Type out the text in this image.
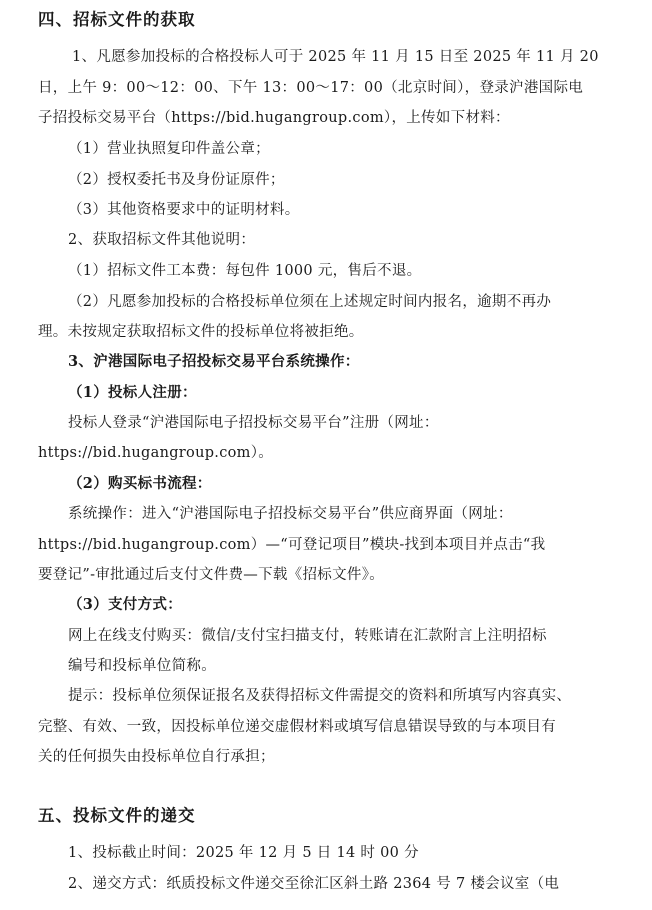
四、招标文件的获取
1、凡愿参加投标的合格投标人可于 2025 年 11 月 15 日至 2025 年 11 月 20
日，上午 9：00～12：00、下午 13：00～17：00（北京时间），登录沪港国际电
子招投标交易平台（https://bid.hugangroup.com），上传如下材料：
（1）营业执照复印件盖公章；
（2）授权委托书及身份证原件；
（3）其他资格要求中的证明材料。
2、获取招标文件其他说明：
（1）招标文件工本费：每包件 1000 元，售后不退。
（2）凡愿参加投标的合格投标单位须在上述规定时间内报名，逾期不再办
理。未按规定获取招标文件的投标单位将被拒绝。
3、沪港国际电子招投标交易平台系统操作：
（1）投标人注册：
投标人登录“沪港国际电子招投标交易平台”注册（网址：
https://bid.hugangroup.com）。
（2）购买标书流程：
系统操作：进入“沪港国际电子招投标交易平台”供应商界面（网址：
https://bid.hugangroup.com）—“可登记项目”模块-找到本项目并点击“我
要登记”-审批通过后支付文件费—下载《招标文件》。
（3）支付方式：
网上在线支付购买：微信/支付宝扫描支付，转账请在汇款附言上注明招标
编号和投标单位简称。
提示：投标单位须保证报名及获得招标文件需提交的资料和所填写内容真实、
完整、有效、一致，因投标单位递交虚假材料或填写信息错误导致的与本项目有
关的任何损失由投标单位自行承担；
五、投标文件的递交
1、投标截止时间：2025 年 12 月 5 日 14 时 00 分
2、递交方式：纸质投标文件递交至徐汇区斜土路 2364 号 7 楼会议室（电
